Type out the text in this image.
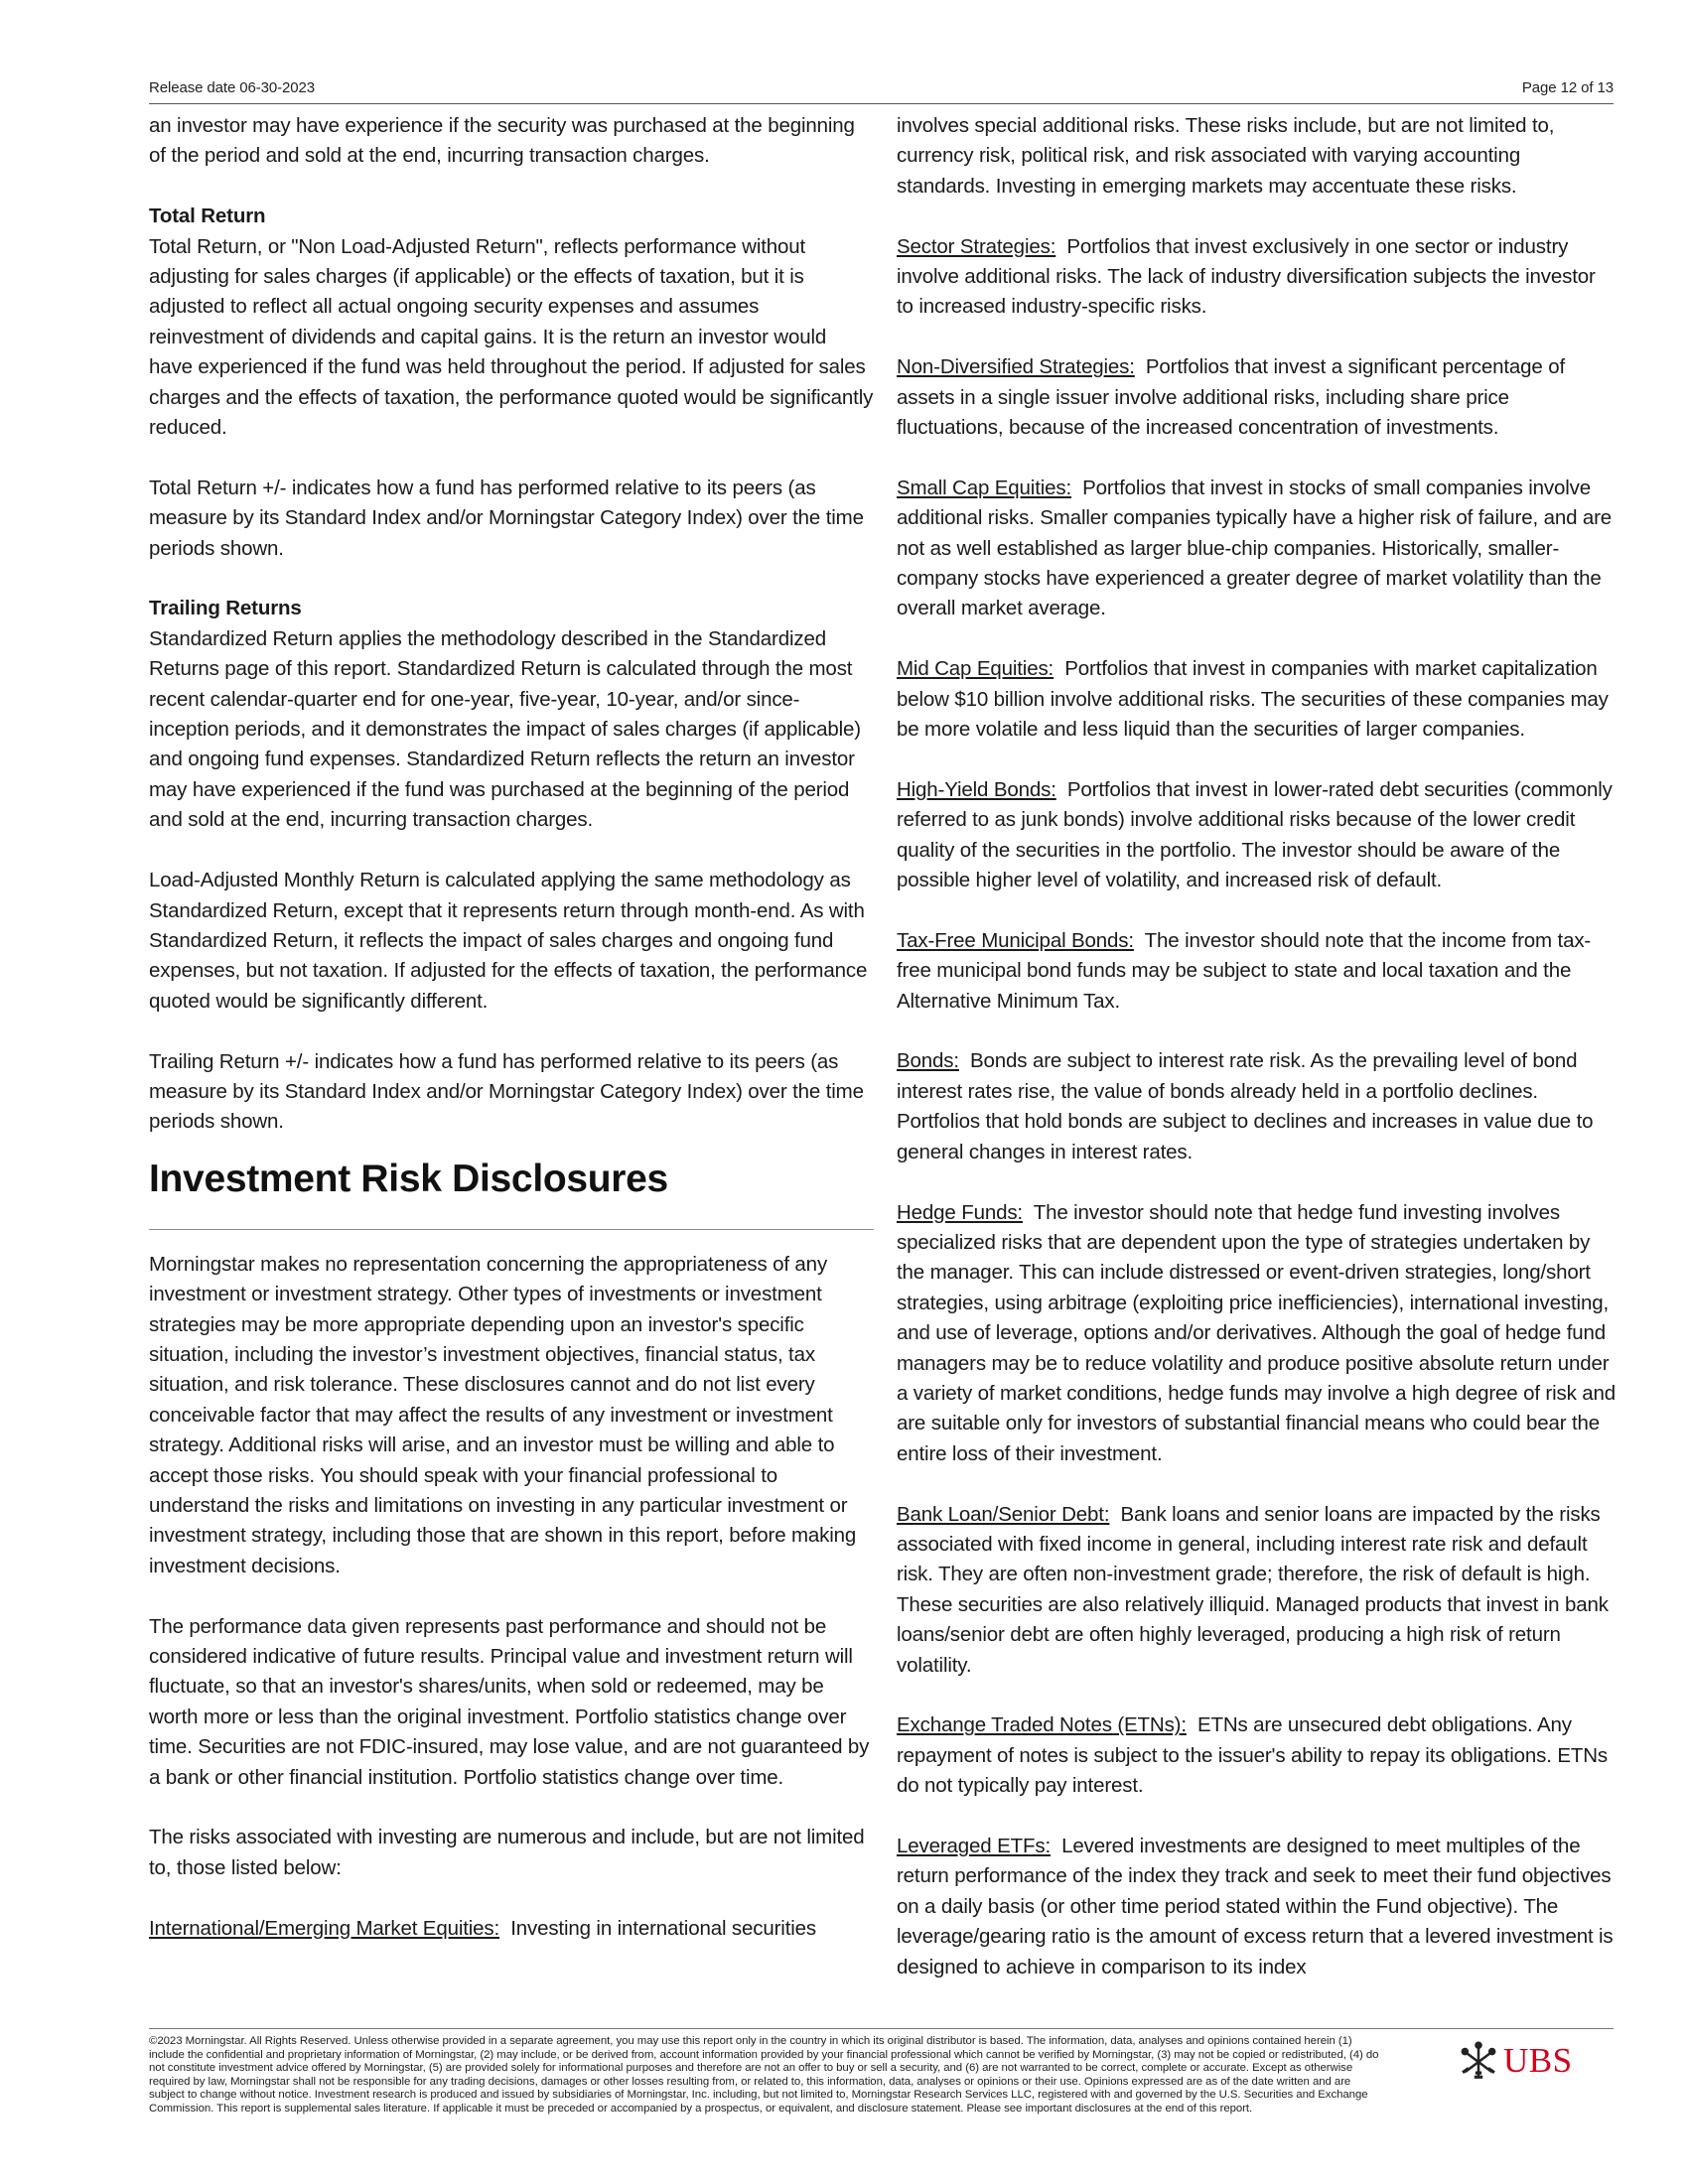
Release date 06-30-2023	Page 12 of 13

an investor may have experience if the security was purchased at the beginning of the period and sold at the end, incurring transaction charges.

Total Return

Total Return, or "Non Load-Adjusted Return", reflects performance without adjusting for sales charges (if applicable) or the effects of taxation, but it is adjusted to reflect all actual ongoing security expenses and assumes reinvestment of dividends and capital gains. It is the return an investor would have experienced if the fund was held throughout the period. If adjusted for sales charges and the effects of taxation, the performance quoted would be significantly reduced.

Total Return +/- indicates how a fund has performed relative to its peers (as measure by its Standard Index and/or Morningstar Category Index) over the time periods shown.

Trailing Returns

Standardized Return applies the methodology described in the Standardized Returns page of this report. Standardized Return is calculated through the most recent calendar-quarter end for one-year, five-year, 10-year, and/or since-inception periods, and it demonstrates the impact of sales charges (if applicable) and ongoing fund expenses. Standardized Return reflects the return an investor may have experienced if the fund was purchased at the beginning of the period and sold at the end, incurring transaction charges.

Load-Adjusted Monthly Return is calculated applying the same methodology as Standardized Return, except that it represents return through month-end. As with Standardized Return, it reflects the impact of sales charges and ongoing fund expenses, but not taxation. If adjusted for the effects of taxation, the performance quoted would be significantly different.

Trailing Return +/- indicates how a fund has performed relative to its peers (as measure by its Standard Index and/or Morningstar Category Index) over the time periods shown.

Investment Risk Disclosures

Morningstar makes no representation concerning the appropriateness of any investment or investment strategy. Other types of investments or investment strategies may be more appropriate depending upon an investor's specific situation, including the investor’s investment objectives, financial status, tax situation, and risk tolerance. These disclosures cannot and do not list every conceivable factor that may affect the results of any investment or investment strategy. Additional risks will arise, and an investor must be willing and able to accept those risks. You should speak with your financial professional to understand the risks and limitations on investing in any particular investment or investment strategy, including those that are shown in this report, before making investment decisions.

The performance data given represents past performance and should not be considered indicative of future results. Principal value and investment return will fluctuate, so that an investor's shares/units, when sold or redeemed, may be worth more or less than the original investment. Portfolio statistics change over time. Securities are not FDIC-insured, may lose value, and are not guaranteed by a bank or other financial institution. Portfolio statistics change over time.

The risks associated with investing are numerous and include, but are not limited to, those listed below:

International/Emerging Market Equities: Investing in international securities

involves special additional risks. These risks include, but are not limited to, currency risk, political risk, and risk associated with varying accounting standards. Investing in emerging markets may accentuate these risks.

Sector Strategies: Portfolios that invest exclusively in one sector or industry involve additional risks. The lack of industry diversification subjects the investor to increased industry-specific risks.

Non-Diversified Strategies: Portfolios that invest a significant percentage of assets in a single issuer involve additional risks, including share price fluctuations, because of the increased concentration of investments.

Small Cap Equities: Portfolios that invest in stocks of small companies involve additional risks. Smaller companies typically have a higher risk of failure, and are not as well established as larger blue-chip companies. Historically, smaller-company stocks have experienced a greater degree of market volatility than the overall market average.

Mid Cap Equities: Portfolios that invest in companies with market capitalization below $10 billion involve additional risks. The securities of these companies may be more volatile and less liquid than the securities of larger companies.

High-Yield Bonds: Portfolios that invest in lower-rated debt securities (commonly referred to as junk bonds) involve additional risks because of the lower credit quality of the securities in the portfolio. The investor should be aware of the possible higher level of volatility, and increased risk of default.

Tax-Free Municipal Bonds: The investor should note that the income from tax-free municipal bond funds may be subject to state and local taxation and the Alternative Minimum Tax.

Bonds: Bonds are subject to interest rate risk. As the prevailing level of bond interest rates rise, the value of bonds already held in a portfolio declines. Portfolios that hold bonds are subject to declines and increases in value due to general changes in interest rates.

Hedge Funds: The investor should note that hedge fund investing involves specialized risks that are dependent upon the type of strategies undertaken by the manager. This can include distressed or event-driven strategies, long/short strategies, using arbitrage (exploiting price inefficiencies), international investing, and use of leverage, options and/or derivatives. Although the goal of hedge fund managers may be to reduce volatility and produce positive absolute return under a variety of market conditions, hedge funds may involve a high degree of risk and are suitable only for investors of substantial financial means who could bear the entire loss of their investment.

Bank Loan/Senior Debt: Bank loans and senior loans are impacted by the risks associated with fixed income in general, including interest rate risk and default risk. They are often non-investment grade; therefore, the risk of default is high. These securities are also relatively illiquid. Managed products that invest in bank loans/senior debt are often highly leveraged, producing a high risk of return volatility.

Exchange Traded Notes (ETNs): ETNs are unsecured debt obligations. Any repayment of notes is subject to the issuer's ability to repay its obligations. ETNs do not typically pay interest.

Leveraged ETFs: Levered investments are designed to meet multiples of the return performance of the index they track and seek to meet their fund objectives on a daily basis (or other time period stated within the Fund objective). The leverage/gearing ratio is the amount of excess return that a levered investment is designed to achieve in comparison to its index

©2023 Morningstar. All Rights Reserved. Unless otherwise provided in a separate agreement, you may use this report only in the country in which its original distributor is based. The information, data, analyses and opinions contained herein (1) include the confidential and proprietary information of Morningstar, (2) may include, or be derived from, account information provided by your financial professional which cannot be verified by Morningstar, (3) may not be copied or redistributed, (4) do not constitute investment advice offered by Morningstar, (5) are provided solely for informational purposes and therefore are not an offer to buy or sell a security, and (6) are not warranted to be correct, complete or accurate. Except as otherwise required by law, Morningstar shall not be responsible for any trading decisions, damages or other losses resulting from, or related to, this information, data, analyses or opinions or their use. Opinions expressed are as of the date written and are subject to change without notice. Investment research is produced and issued by subsidiaries of Morningstar, Inc. including, but not limited to, Morningstar Research Services LLC, registered with and governed by the U.S. Securities and Exchange Commission. This report is supplemental sales literature. If applicable it must be preceded or accompanied by a prospectus, or equivalent, and disclosure statement. Please see important disclosures at the end of this report.
UBS
